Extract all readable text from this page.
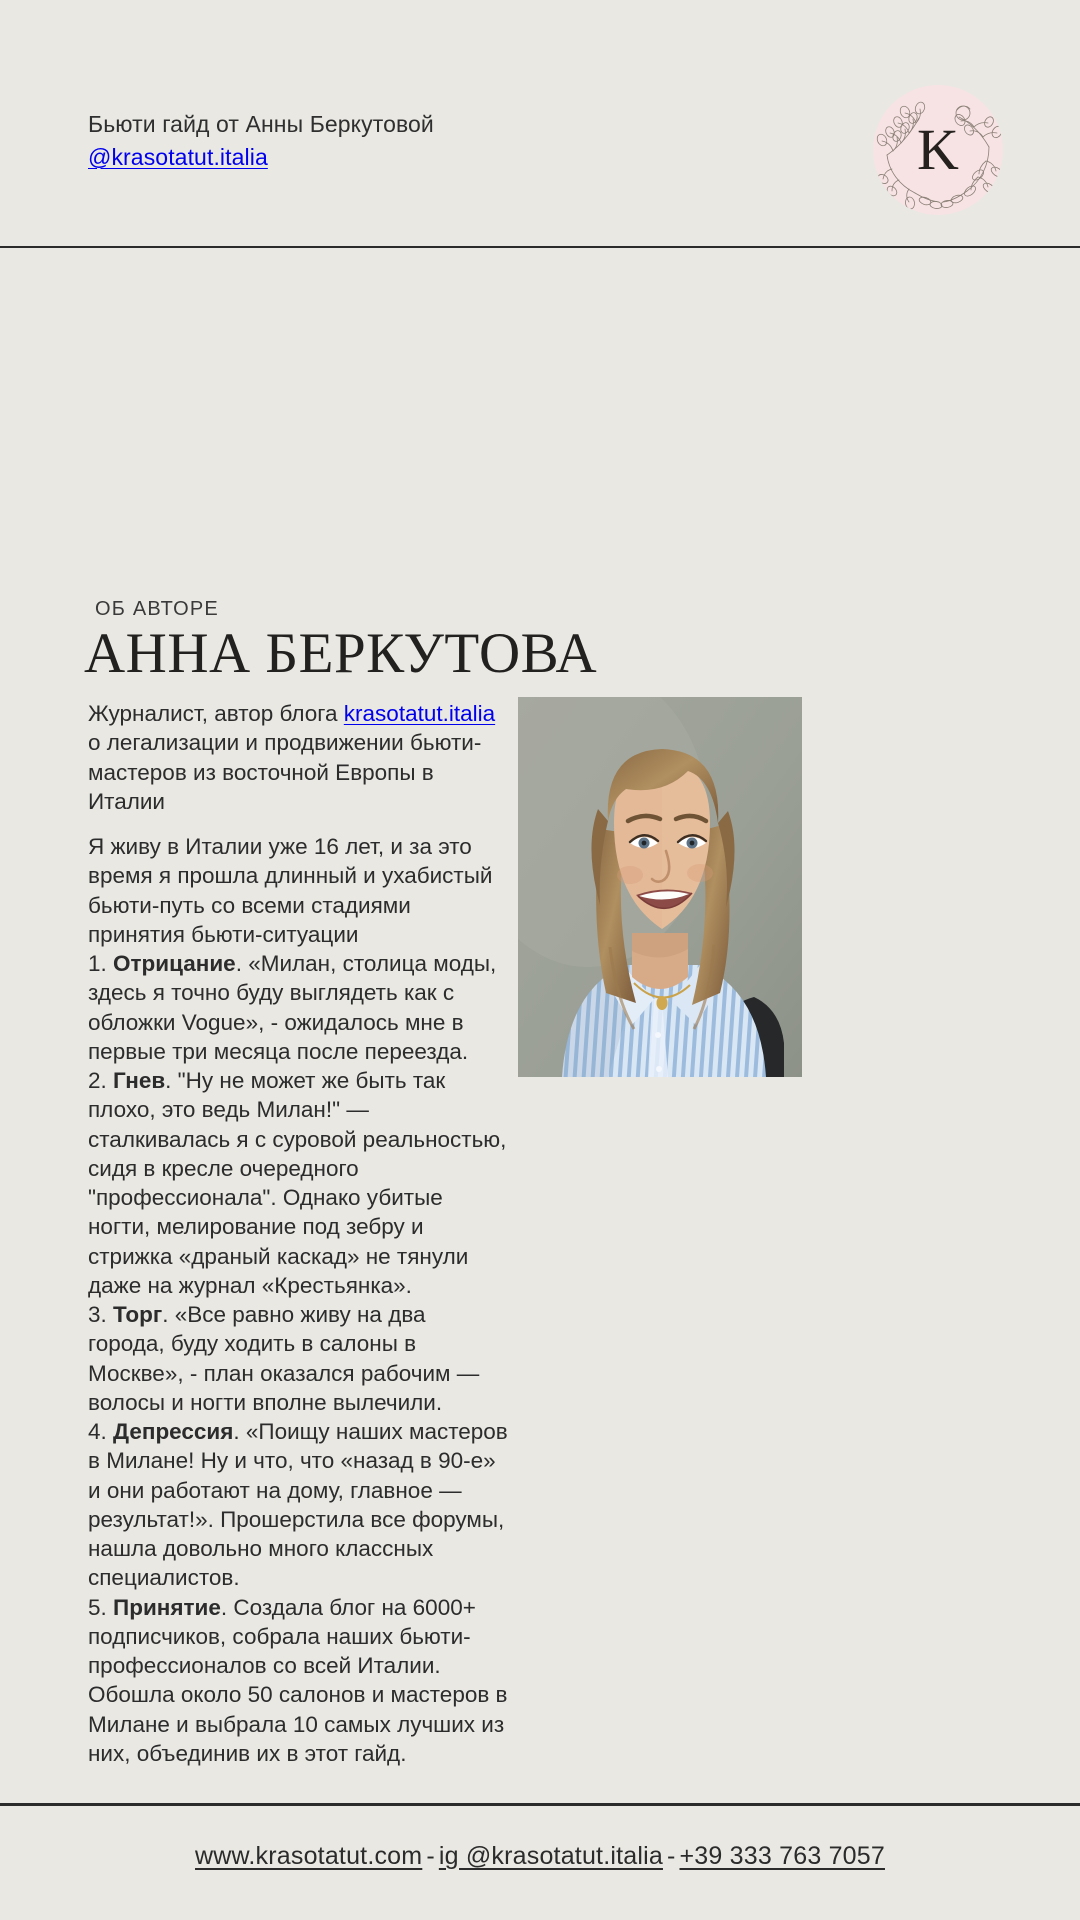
Бьюти гайд от Анны Беркутовой
@krasotatut.italia	K
ОБ АВТОРЕ
АННА БЕРКУТОВА

Журналист, автор блога krasotatut.italia о легализации и продвижении бьюти-мастеров из восточной Европы в Италии

Я живу в Италии уже 16 лет, и за это время я прошла длинный и ухабистый бьюти-путь со всеми стадиями принятия бьюти-ситуации

1. Отрицание. «Милан, столица моды, здесь я точно буду выглядеть как с обложки Vogue», - ожидалось мне в первые три месяца после переезда.

2. Гнев. "Ну не может же быть так плохо, это ведь Милан!" — сталкивалась я с суровой реальностью, сидя в кресле очередного "профессионала". Однако убитые ногти, мелирование под зебру и стрижка «драный каскад» не тянули даже на журнал «Крестьянка».

3. Торг. «Все равно живу на два города, буду ходить в салоны в Москве», - план оказался рабочим — волосы и ногти вполне вылечили.

4. Депрессия. «Поищу наших мастеров в Милане! Ну и что, что «назад в 90-е» и они работают на дому, главное — результат!». Прошерстила все форумы, нашла довольно много классных специалистов.

5. Принятие. Создала блог на 6000+ подписчиков, собрала наших бьюти-профессионалов со всей Италии. Обошла около 50 салонов и мастеров в Милане и выбрала 10 самых лучших из них, объединив их в этот гайд.

www.krasotatut.com - ig @krasotatut.italia - +39 333 763 7057
